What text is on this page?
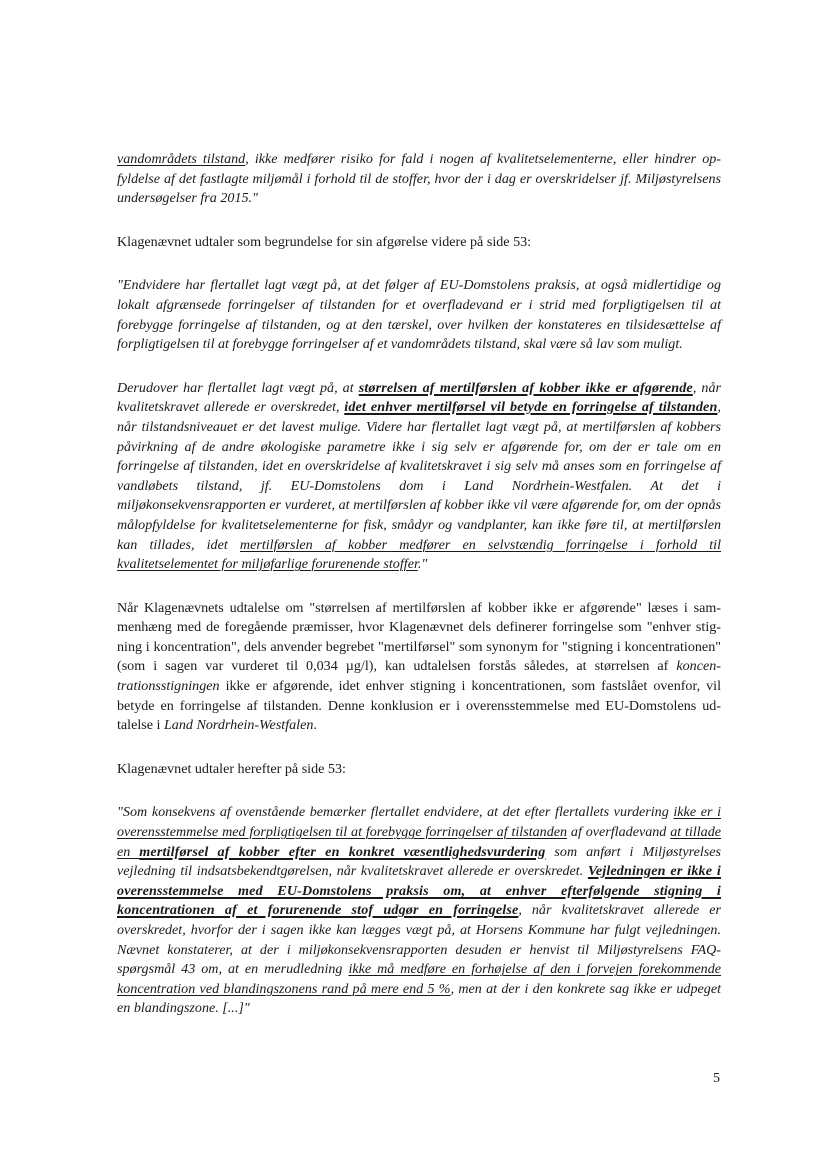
vandområdets tilstand, ikke medfører risiko for fald i nogen af kvalitetselementerne, eller hindrer opfyldelse af det fastlagte miljømål i forhold til de stoffer, hvor der i dag er overskridelser jf. Miljøstyrelsens undersøgelser fra 2015."

Klagenævnet udtaler som begrundelse for sin afgørelse videre på side 53:

"Endvidere har flertallet lagt vægt på, at det følger af EU-Domstolens praksis, at også midlertidige og lokalt afgrænsede forringelser af tilstanden for et overfladevand er i strid med forpligtigelsen til at forebygge forringelse af tilstanden, og at den tærskel, over hvilken der konstateres en tilsidesættelse af forpligtigelsen til at forebygge forringelser af et vandområdets tilstand, skal være så lav som muligt.

Derudover har flertallet lagt vægt på, at størrelsen af mertilførslen af kobber ikke er afgørende, når kvalitetskravet allerede er overskredet, idet enhver mertilførsel vil betyde en forringelse af tilstanden, når tilstandsniveauet er det lavest mulige. Videre har flertallet lagt vægt på, at mertilførslen af kobbers påvirkning af de andre økologiske parametre ikke i sig selv er afgørende for, om der er tale om en forringelse af tilstanden, idet en overskridelse af kvalitetskravet i sig selv må anses som en forringelse af vandløbets tilstand, jf. EU-Domstolens dom i Land Nordrhein-Westfalen. At det i miljøkonsekvensrapporten er vurderet, at mertilførslen af kobber ikke vil være afgørende for, om der opnås målopfyldelse for kvalitetselementerne for fisk, smådyr og vandplanter, kan ikke føre til, at mertilførslen kan tillades, idet mertilførslen af kobber medfører en selvstændig forringelse i forhold til kvalitetselementet for miljøfarlige forurenende stoffer."

Når Klagenævnets udtalelse om "størrelsen af mertilførslen af kobber ikke er afgørende" læses i sammenhæng med de foregående præmisser, hvor Klagenævnet dels definerer forringelse som "enhver stigning i koncentration", dels anvender begrebet "mertilførsel" som synonym for "stigning i koncentrationen" (som i sagen var vurderet til 0,034 µg/l), kan udtalelsen forstås således, at størrelsen af koncentrationsstigningen ikke er afgørende, idet enhver stigning i koncentrationen, som fastslået ovenfor, vil betyde en forringelse af tilstanden. Denne konklusion er i overensstemmelse med EU-Domstolens udtalelse i Land Nordrhein-Westfalen.

Klagenævnet udtaler herefter på side 53:

"Som konsekvens af ovenstående bemærker flertallet endvidere, at det efter flertallets vurdering ikke er i overensstemmelse med forpligtigelsen til at forebygge forringelser af tilstanden af overfladevand at tillade en mertilførsel af kobber efter en konkret væsentlighedsvurdering som anført i Miljøstyrelses vejledning til indsatsbekendtgørelsen, når kvalitetskravet allerede er overskredet. Vejledningen er ikke i overensstemmelse med EU-Domstolens praksis om, at enhver efterfølgende stigning i koncentrationen af et forurenende stof udgør en forringelse, når kvalitetskravet allerede er overskredet, hvorfor der i sagen ikke kan lægges vægt på, at Horsens Kommune har fulgt vejledningen. Nævnet konstaterer, at der i miljøkonsekvensrapporten desuden er henvist til Miljøstyrelsens FAQ-spørgsmål 43 om, at en merudledning ikke må medføre en forhøjelse af den i forvejen forekommende koncentration ved blandingszonens rand på mere end 5 %, men at der i den konkrete sag ikke er udpeget en blandingszone. [...]"

5
